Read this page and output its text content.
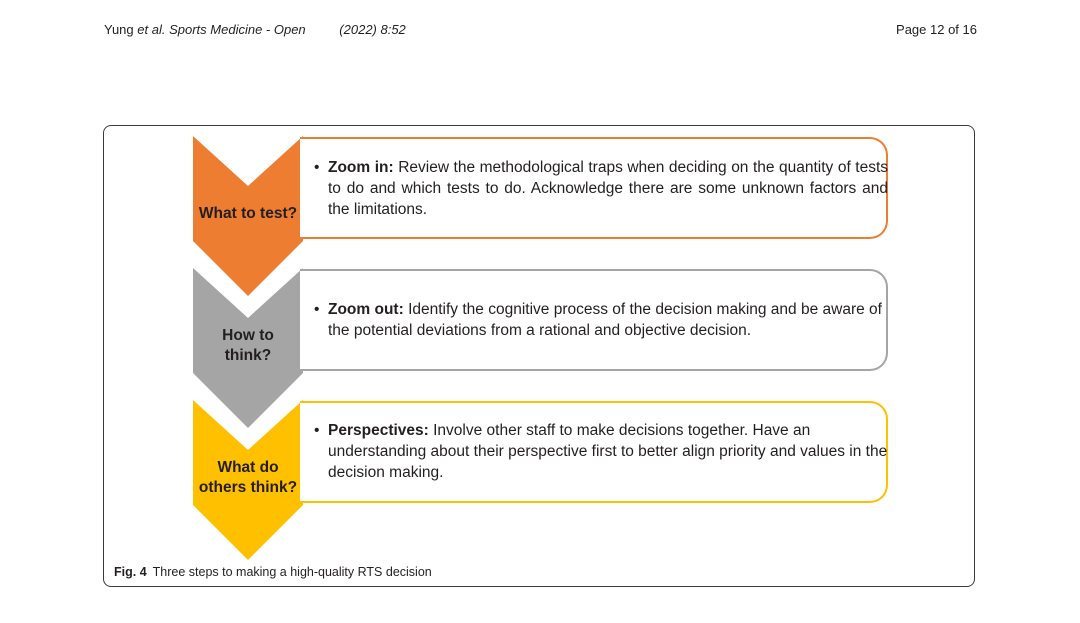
Yung et al. Sports Medicine - Open	(2022) 8:52	Page 12 of 16
What to test?
• Zoom in: Review the methodological traps when deciding on the quantity of tests to do and which tests to do. Acknowledge there are some unknown factors and the limitations.
How to
think?
• Zoom out: Identify the cognitive process of the decision making and be aware of the potential deviations from a rational and objective decision.
What do
others think?
• Perspectives: Involve other staff to make decisions together. Have an understanding about their perspective first to better align priority and values in the decision making.
Fig. 4 Three steps to making a high-quality RTS decision
